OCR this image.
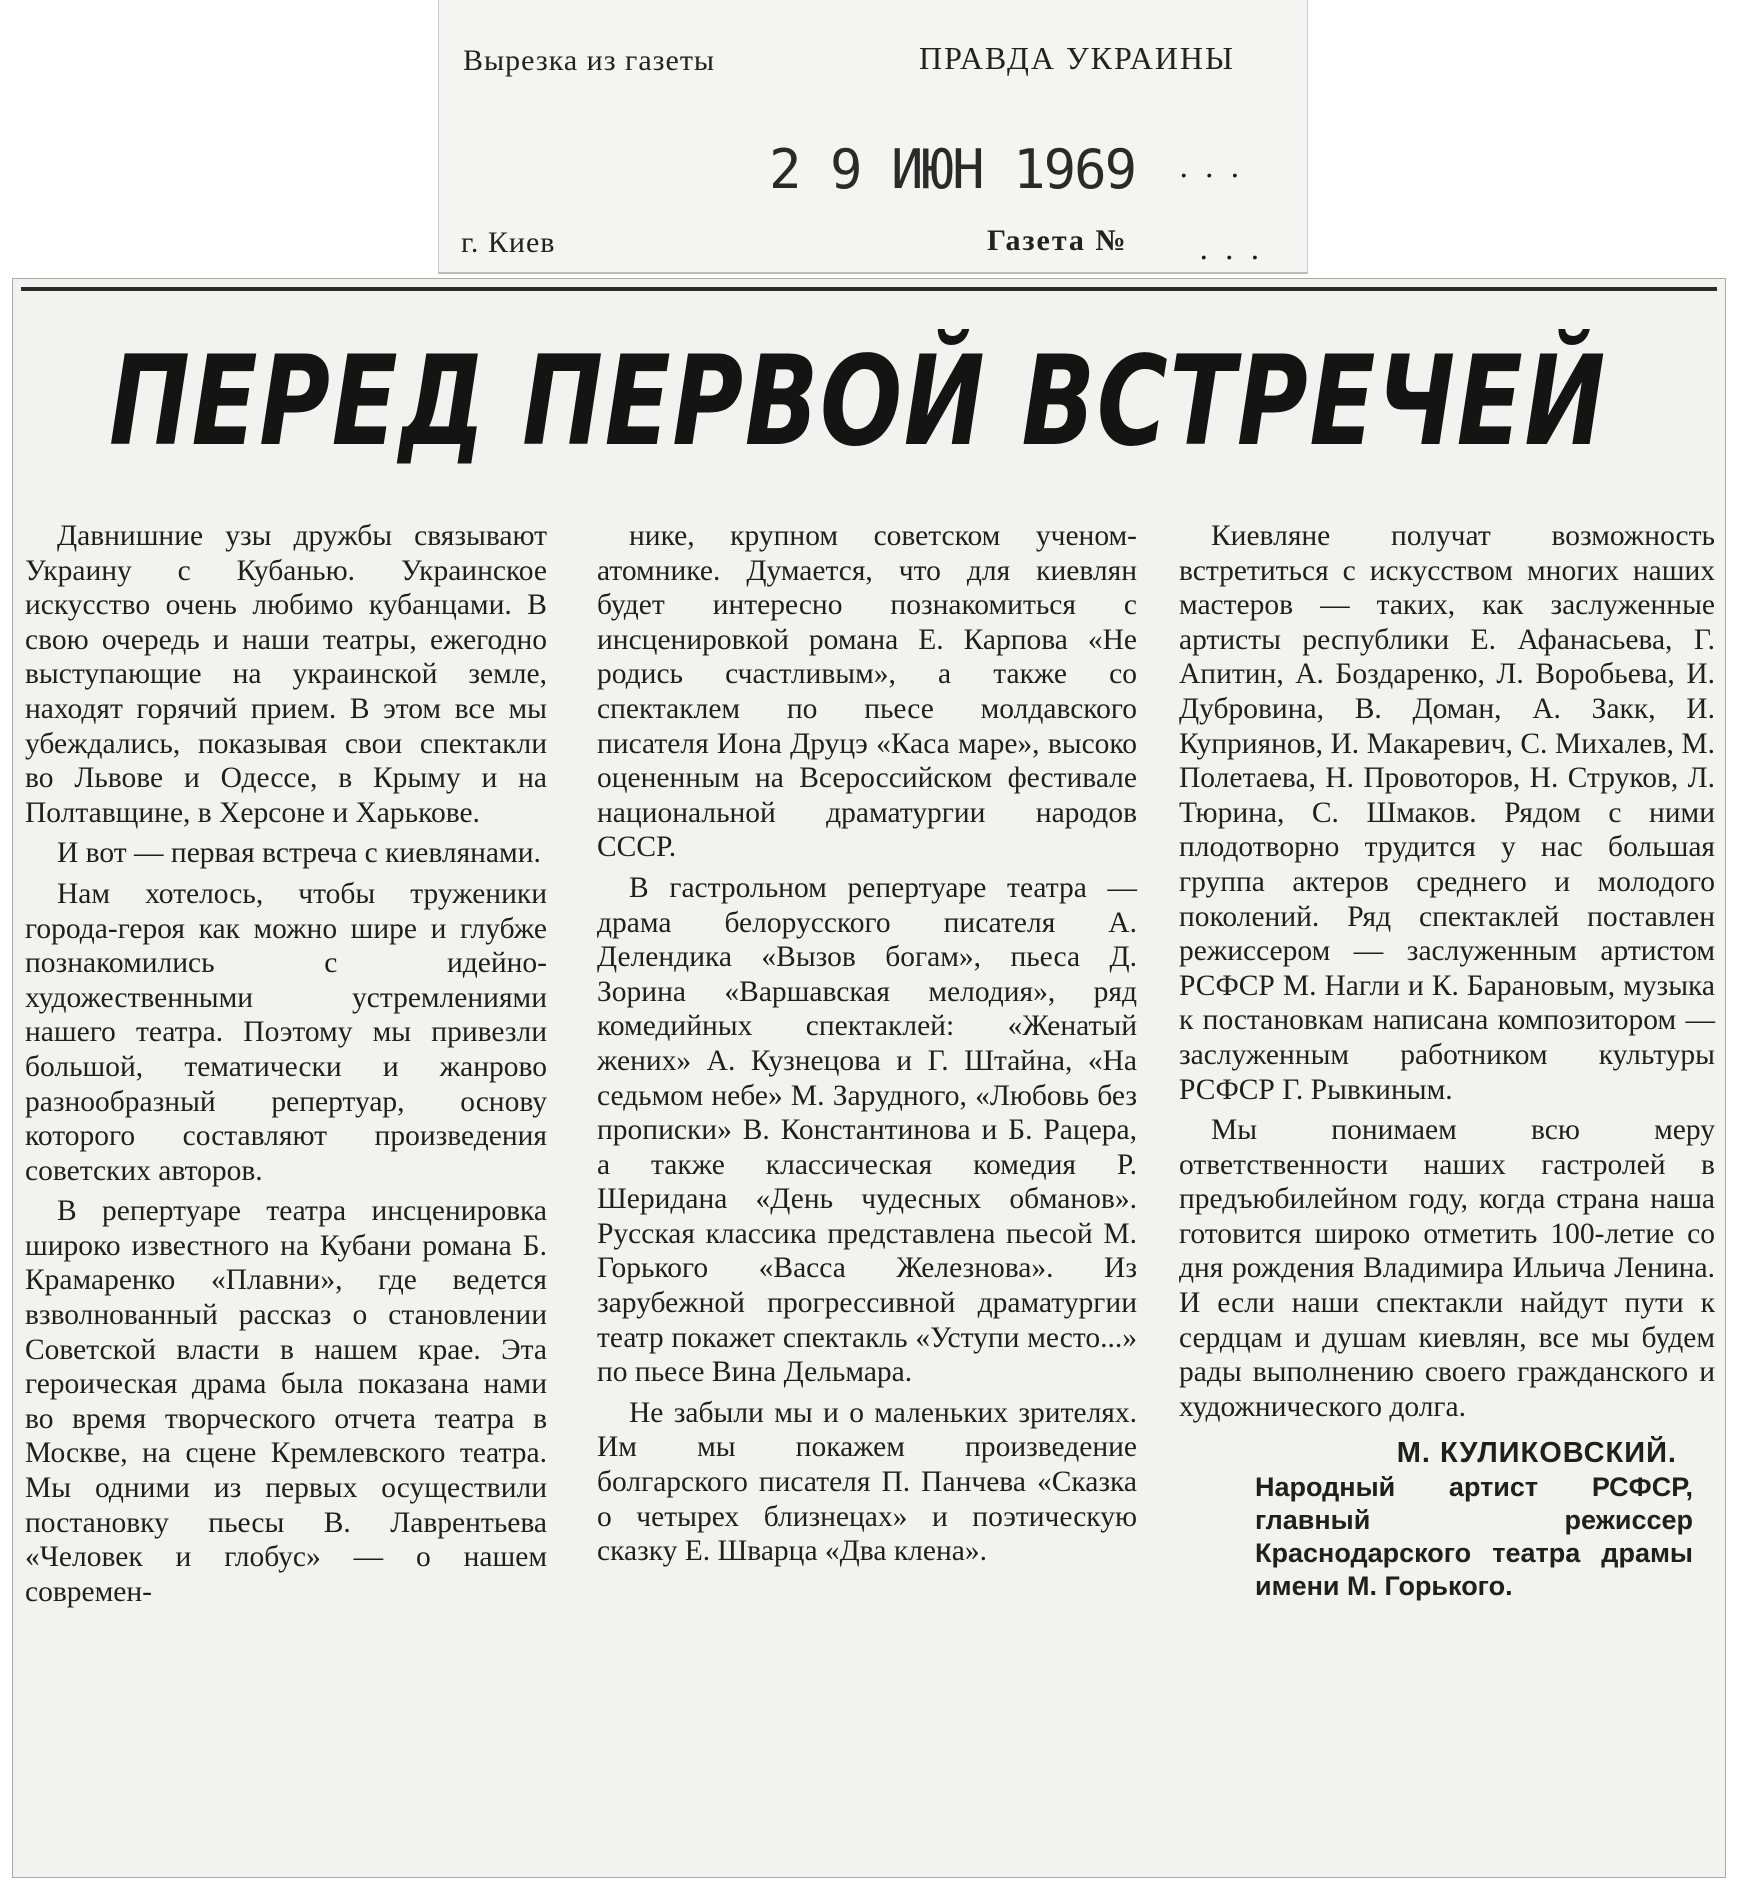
Вырезка из газеты	ПРАВДА УКРАИНЫ
2 9 ИЮН 1969 ...
г. Киев	Газета № ...
ПЕРЕД ПЕРВОЙ ВСТРЕЧЕЙ

Давнишние узы дружбы связывают Украину с Кубанью. Украинское искусство очень любимо кубанцами. В свою очередь и наши театры, ежегодно выступающие на украинской земле, находят горячий прием. В этом все мы убеждались, показывая свои спектакли во Львове и Одессе, в Крыму и на Полтавщине, в Херсоне и Харькове.

И вот — первая встреча с киевлянами.

Нам хотелось, чтобы труженики города-героя как можно шире и глубже познакомились с идейно-художественными устремлениями нашего театра. Поэтому мы привезли большой, тематически и жанрово разнообразный репертуар, основу которого составляют произведения советских авторов.

В репертуаре театра инсценировка широко известного на Кубани романа Б. Крамаренко «Плавни», где ведется взволнованный рассказ о становлении Советской власти в нашем крае. Эта героическая драма была показана нами во время творческого отчета театра в Москве, на сцене Кремлевского театра. Мы одними из первых осуществили постановку пьесы В. Лаврентьева «Человек и глобус» — о нашем современ-

нике, крупном советском ученом-атомнике. Думается, что для киевлян будет интересно познакомиться с инсценировкой романа Е. Карпова «Не родись счастливым», а также со спектаклем по пьесе молдавского писателя Иона Друцэ «Каса маре», высоко оцененным на Всероссийском фестивале национальной драматургии народов СССР.

В гастрольном репертуаре театра — драма белорусского писателя А. Делендика «Вызов богам», пьеса Д. Зорина «Варшавская мелодия», ряд комедийных спектаклей: «Женатый жених» А. Кузнецова и Г. Штайна, «На седьмом небе» М. Зарудного, «Любовь без прописки» В. Константинова и Б. Рацера, а также классическая комедия Р. Шеридана «День чудесных обманов». Русская классика представлена пьесой М. Горького «Васса Железнова». Из зарубежной прогрессивной драматургии театр покажет спектакль «Уступи место...» по пьесе Вина Дельмара.

Не забыли мы и о маленьких зрителях. Им мы покажем произведение болгарского писателя П. Панчева «Сказка о четырех близнецах» и поэтическую сказку Е. Шварца «Два клена».

Киевляне получат возможность встретиться с искусством многих наших мастеров — таких, как заслуженные артисты республики Е. Афанасьева, Г. Апитин, А. Боздаренко, Л. Воробьева, И. Дубровина, В. Доман, А. Закк, И. Куприянов, И. Макаревич, С. Михалев, М. Полетаева, Н. Провоторов, Н. Струков, Л. Тюрина, С. Шмаков. Рядом с ними плодотворно трудится у нас большая группа актеров среднего и молодого поколений. Ряд спектаклей поставлен режиссером — заслуженным артистом РСФСР М. Нагли и К. Барановым, музыка к постановкам написана композитором — заслуженным работником культуры РСФСР Г. Рывкиным.

Мы понимаем всю меру ответственности наших гастролей в предъюбилейном году, когда страна наша готовится широко отметить 100-летие со дня рождения Владимира Ильича Ленина. И если наши спектакли найдут пути к сердцам и душам киевлян, все мы будем рады выполнению своего гражданского и художнического долга.

М. КУЛИКОВСКИЙ.
Народный артист РСФСР, главный режиссер Краснодарского театра драмы имени М. Горького.
